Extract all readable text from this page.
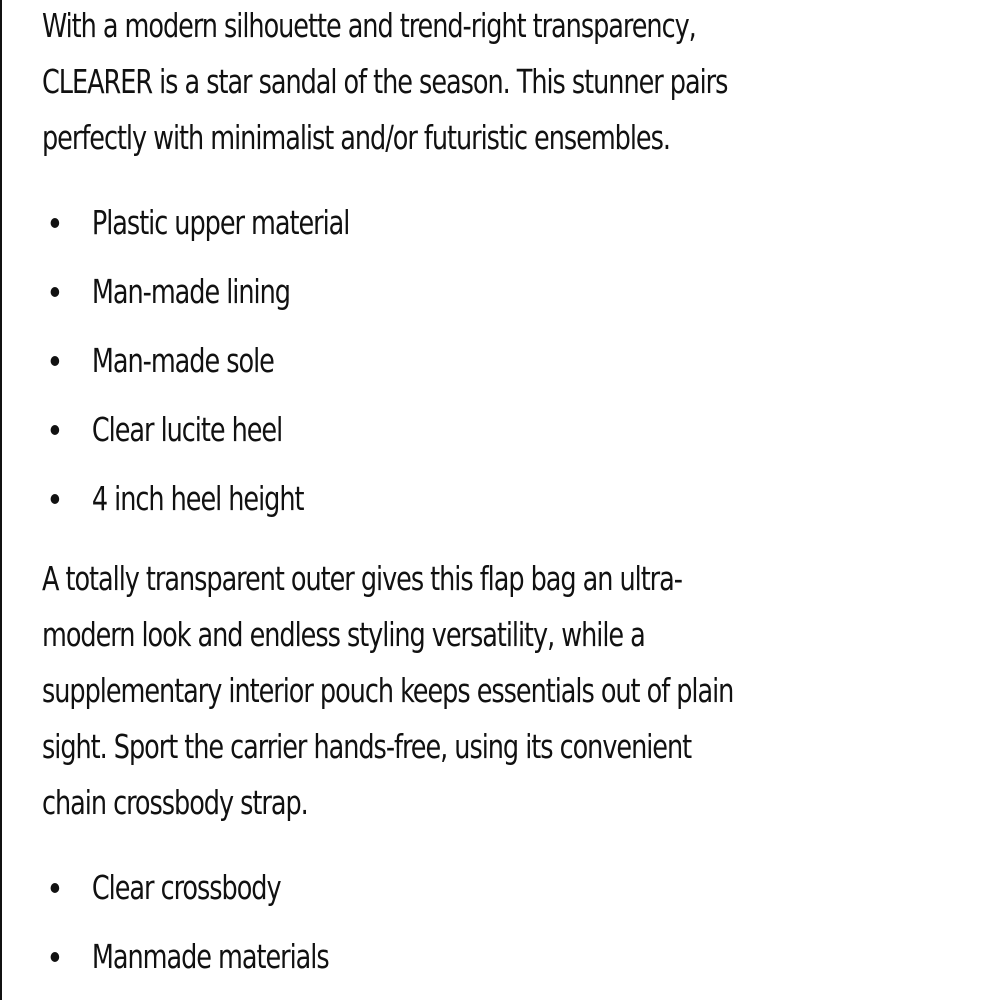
With a modern silhouette and trend-right transparency,
CLEARER is a star sandal of the season. This stunner pairs
perfectly with minimalist and/or futuristic ensembles.

Plastic upper material
Man-made lining
Man-made sole
Clear lucite heel
4 inch heel height

A totally transparent outer gives this flap bag an ultra-
modern look and endless styling versatility, while a
supplementary interior pouch keeps essentials out of plain
sight. Sport the carrier hands-free, using its convenient
chain crossbody strap.

Clear crossbody
Manmade materials
